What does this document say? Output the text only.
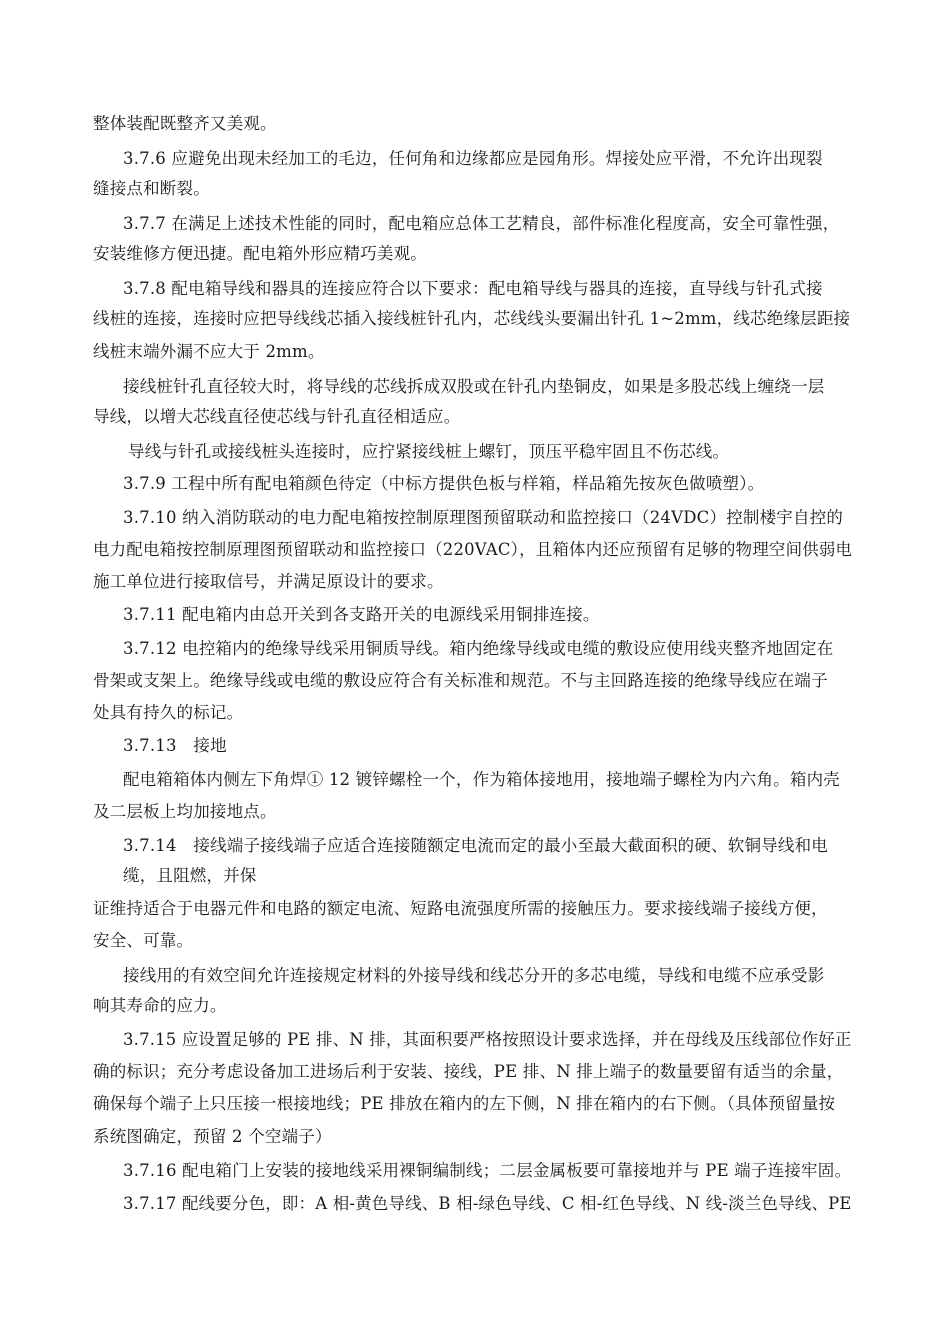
整体装配既整齐又美观。
3.7.6 应避免出现未经加工的毛边，任何角和边缘都应是园角形。焊接处应平滑，不允许出现裂
缝接点和断裂。
3.7.7 在满足上述技术性能的同时，配电箱应总体工艺精良，部件标准化程度高，安全可靠性强，
安装维修方便迅捷。配电箱外形应精巧美观。
3.7.8 配电箱导线和器具的连接应符合以下要求：配电箱导线与器具的连接，直导线与针孔式接
线桩的连接，连接时应把导线线芯插入接线桩针孔内，芯线线头要漏出针孔 1~2mm，线芯绝缘层距接
线桩末端外漏不应大于 2mm。
接线桩针孔直径较大时，将导线的芯线拆成双股或在针孔内垫铜皮，如果是多股芯线上缠绕一层
导线，以增大芯线直径使芯线与针孔直径相适应。
导线与针孔或接线桩头连接时，应拧紧接线桩上螺钉，顶压平稳牢固且不伤芯线。
3.7.9 工程中所有配电箱颜色待定（中标方提供色板与样箱，样品箱先按灰色做喷塑）。
3.7.10 纳入消防联动的电力配电箱按控制原理图预留联动和监控接口（24VDC）控制楼宇自控的
电力配电箱按控制原理图预留联动和监控接口（220VAC），且箱体内还应预留有足够的物理空间供弱电
施工单位进行接取信号，并满足原设计的要求。
3.7.11 配电箱内由总开关到各支路开关的电源线采用铜排连接。
3.7.12 电控箱内的绝缘导线采用铜质导线。箱内绝缘导线或电缆的敷设应使用线夹整齐地固定在
骨架或支架上。绝缘导线或电缆的敷设应符合有关标准和规范。不与主回路连接的绝缘导线应在端子
处具有持久的标记。
3.7.13　接地
配电箱箱体内侧左下角焊① 12 镀锌螺栓一个，作为箱体接地用，接地端子螺栓为内六角。箱内壳
及二层板上均加接地点。
3.7.14　接线端子接线端子应适合连接随额定电流而定的最小至最大截面积的硬、软铜导线和电
缆，且阻燃，并保
证维持适合于电器元件和电路的额定电流、短路电流强度所需的接触压力。要求接线端子接线方便，
安全、可靠。
接线用的有效空间允许连接规定材料的外接导线和线芯分开的多芯电缆，导线和电缆不应承受影
响其寿命的应力。
3.7.15 应设置足够的 PE 排、N 排，其面积要严格按照设计要求选择，并在母线及压线部位作好正
确的标识；充分考虑设备加工进场后利于安装、接线，PE 排、N 排上端子的数量要留有适当的余量，
确保每个端子上只压接一根接地线；PE 排放在箱内的左下侧，N 排在箱内的右下侧。（具体预留量按
系统图确定，预留 2 个空端子）
3.7.16 配电箱门上安装的接地线采用裸铜编制线；二层金属板要可靠接地并与 PE 端子连接牢固。
3.7.17 配线要分色，即：A 相-黄色导线、B 相-绿色导线、C 相-红色导线、N 线-淡兰色导线、PE
